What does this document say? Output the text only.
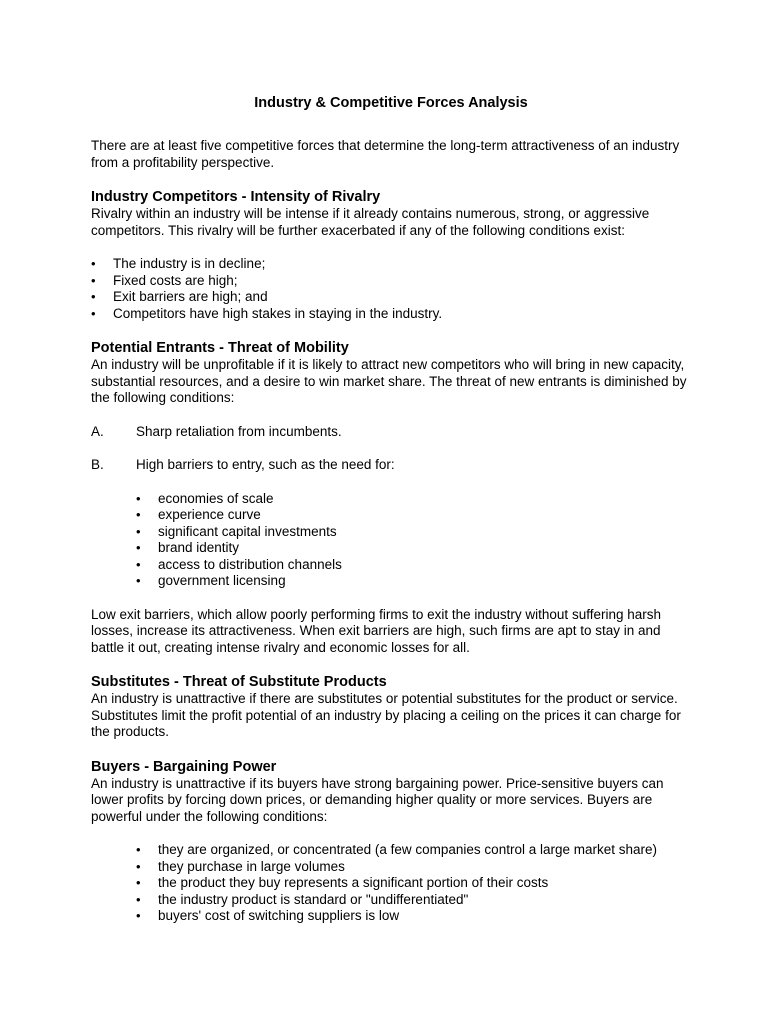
Industry & Competitive Forces Analysis

There are at least five competitive forces that determine the long-term attractiveness of an industry from a profitability perspective.

Industry Competitors - Intensity of Rivalry

Rivalry within an industry will be intense if it already contains numerous, strong, or aggressive competitors. This rivalry will be further exacerbated if any of the following conditions exist:

•	The industry is in decline;
•	Fixed costs are high;
•	Exit barriers are high; and
•	Competitors have high stakes in staying in the industry.
Potential Entrants - Threat of Mobility

An industry will be unprofitable if it is likely to attract new competitors who will bring in new capacity, substantial resources, and a desire to win market share. The threat of new entrants is diminished by the following conditions:

A. Sharp retaliation from incumbents.

B. High barriers to entry, such as the need for:

•	economies of scale
•	experience curve
•	significant capital investments
•	brand identity
•	access to distribution channels
•	government licensing

Low exit barriers, which allow poorly performing firms to exit the industry without suffering harsh losses, increase its attractiveness. When exit barriers are high, such firms are apt to stay in and battle it out, creating intense rivalry and economic losses for all.

Substitutes - Threat of Substitute Products

An industry is unattractive if there are substitutes or potential substitutes for the product or service. Substitutes limit the profit potential of an industry by placing a ceiling on the prices it can charge for the products.

Buyers - Bargaining Power

An industry is unattractive if its buyers have strong bargaining power. Price-sensitive buyers can lower profits by forcing down prices, or demanding higher quality or more services. Buyers are powerful under the following conditions:

•	they are organized, or concentrated (a few companies control a large market share)
•	they purchase in large volumes
•	the product they buy represents a significant portion of their costs
•	the industry product is standard or "undifferentiated"
•	buyers' cost of switching suppliers is low
